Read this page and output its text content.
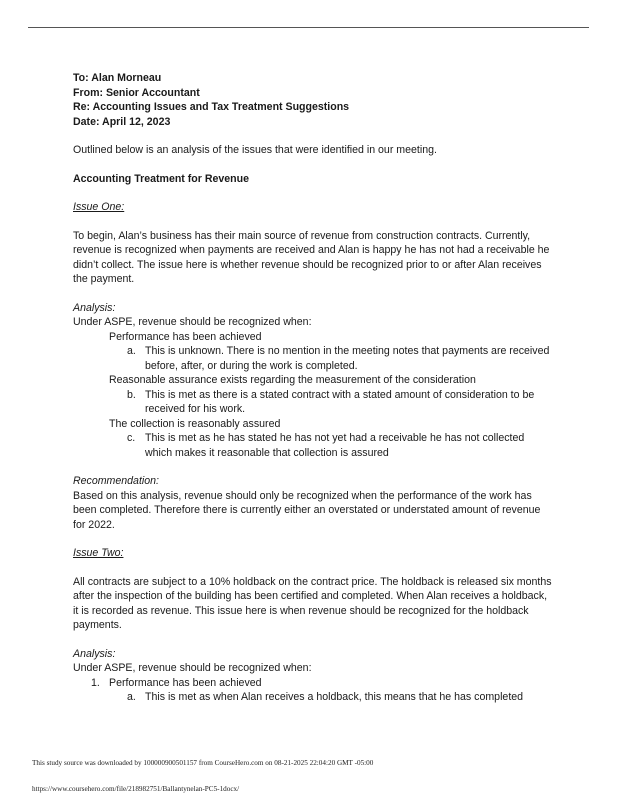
To: Alan Morneau

From: Senior Accountant

Re: Accounting Issues and Tax Treatment Suggestions

Date: April 12, 2023

Outlined below is an analysis of the issues that were identified in our meeting.

Accounting Treatment for Revenue

Issue One:

To begin, Alan’s business has their main source of revenue from construction contracts. Currently, revenue is recognized when payments are received and Alan is happy he has not had a receivable he didn’t collect. The issue here is whether revenue should be recognized prior to or after Alan receives the payment.

Analysis:

Under ASPE, revenue should be recognized when:

Performance has been achieved

a. This is unknown. There is no mention in the meeting notes that payments are received before, after, or during the work is completed.

Reasonable assurance exists regarding the measurement of the consideration

b. This is met as there is a stated contract with a stated amount of consideration to be received for his work.

The collection is reasonably assured

c. This is met as he has stated he has not yet had a receivable he has not collected which makes it reasonable that collection is assured

Recommendation:

Based on this analysis, revenue should only be recognized when the performance of the work has been completed. Therefore there is currently either an overstated or understated amount of revenue for 2022.

Issue Two:

All contracts are subject to a 10% holdback on the contract price. The holdback is released six months after the inspection of the building has been certified and completed. When Alan receives a holdback, it is recorded as revenue. This issue here is when revenue should be recognized for the holdback payments.

Analysis:

Under ASPE, revenue should be recognized when:

1. Performance has been achieved
a. This is met as when Alan receives a holdback, this means that he has completed
This study source was downloaded by 100000900501157 from CourseHero.com on 08-21-2025 22:04:20 GMT -05:00
https://www.coursehero.com/file/218982751/Ballantynelan-PC5-1docx/
